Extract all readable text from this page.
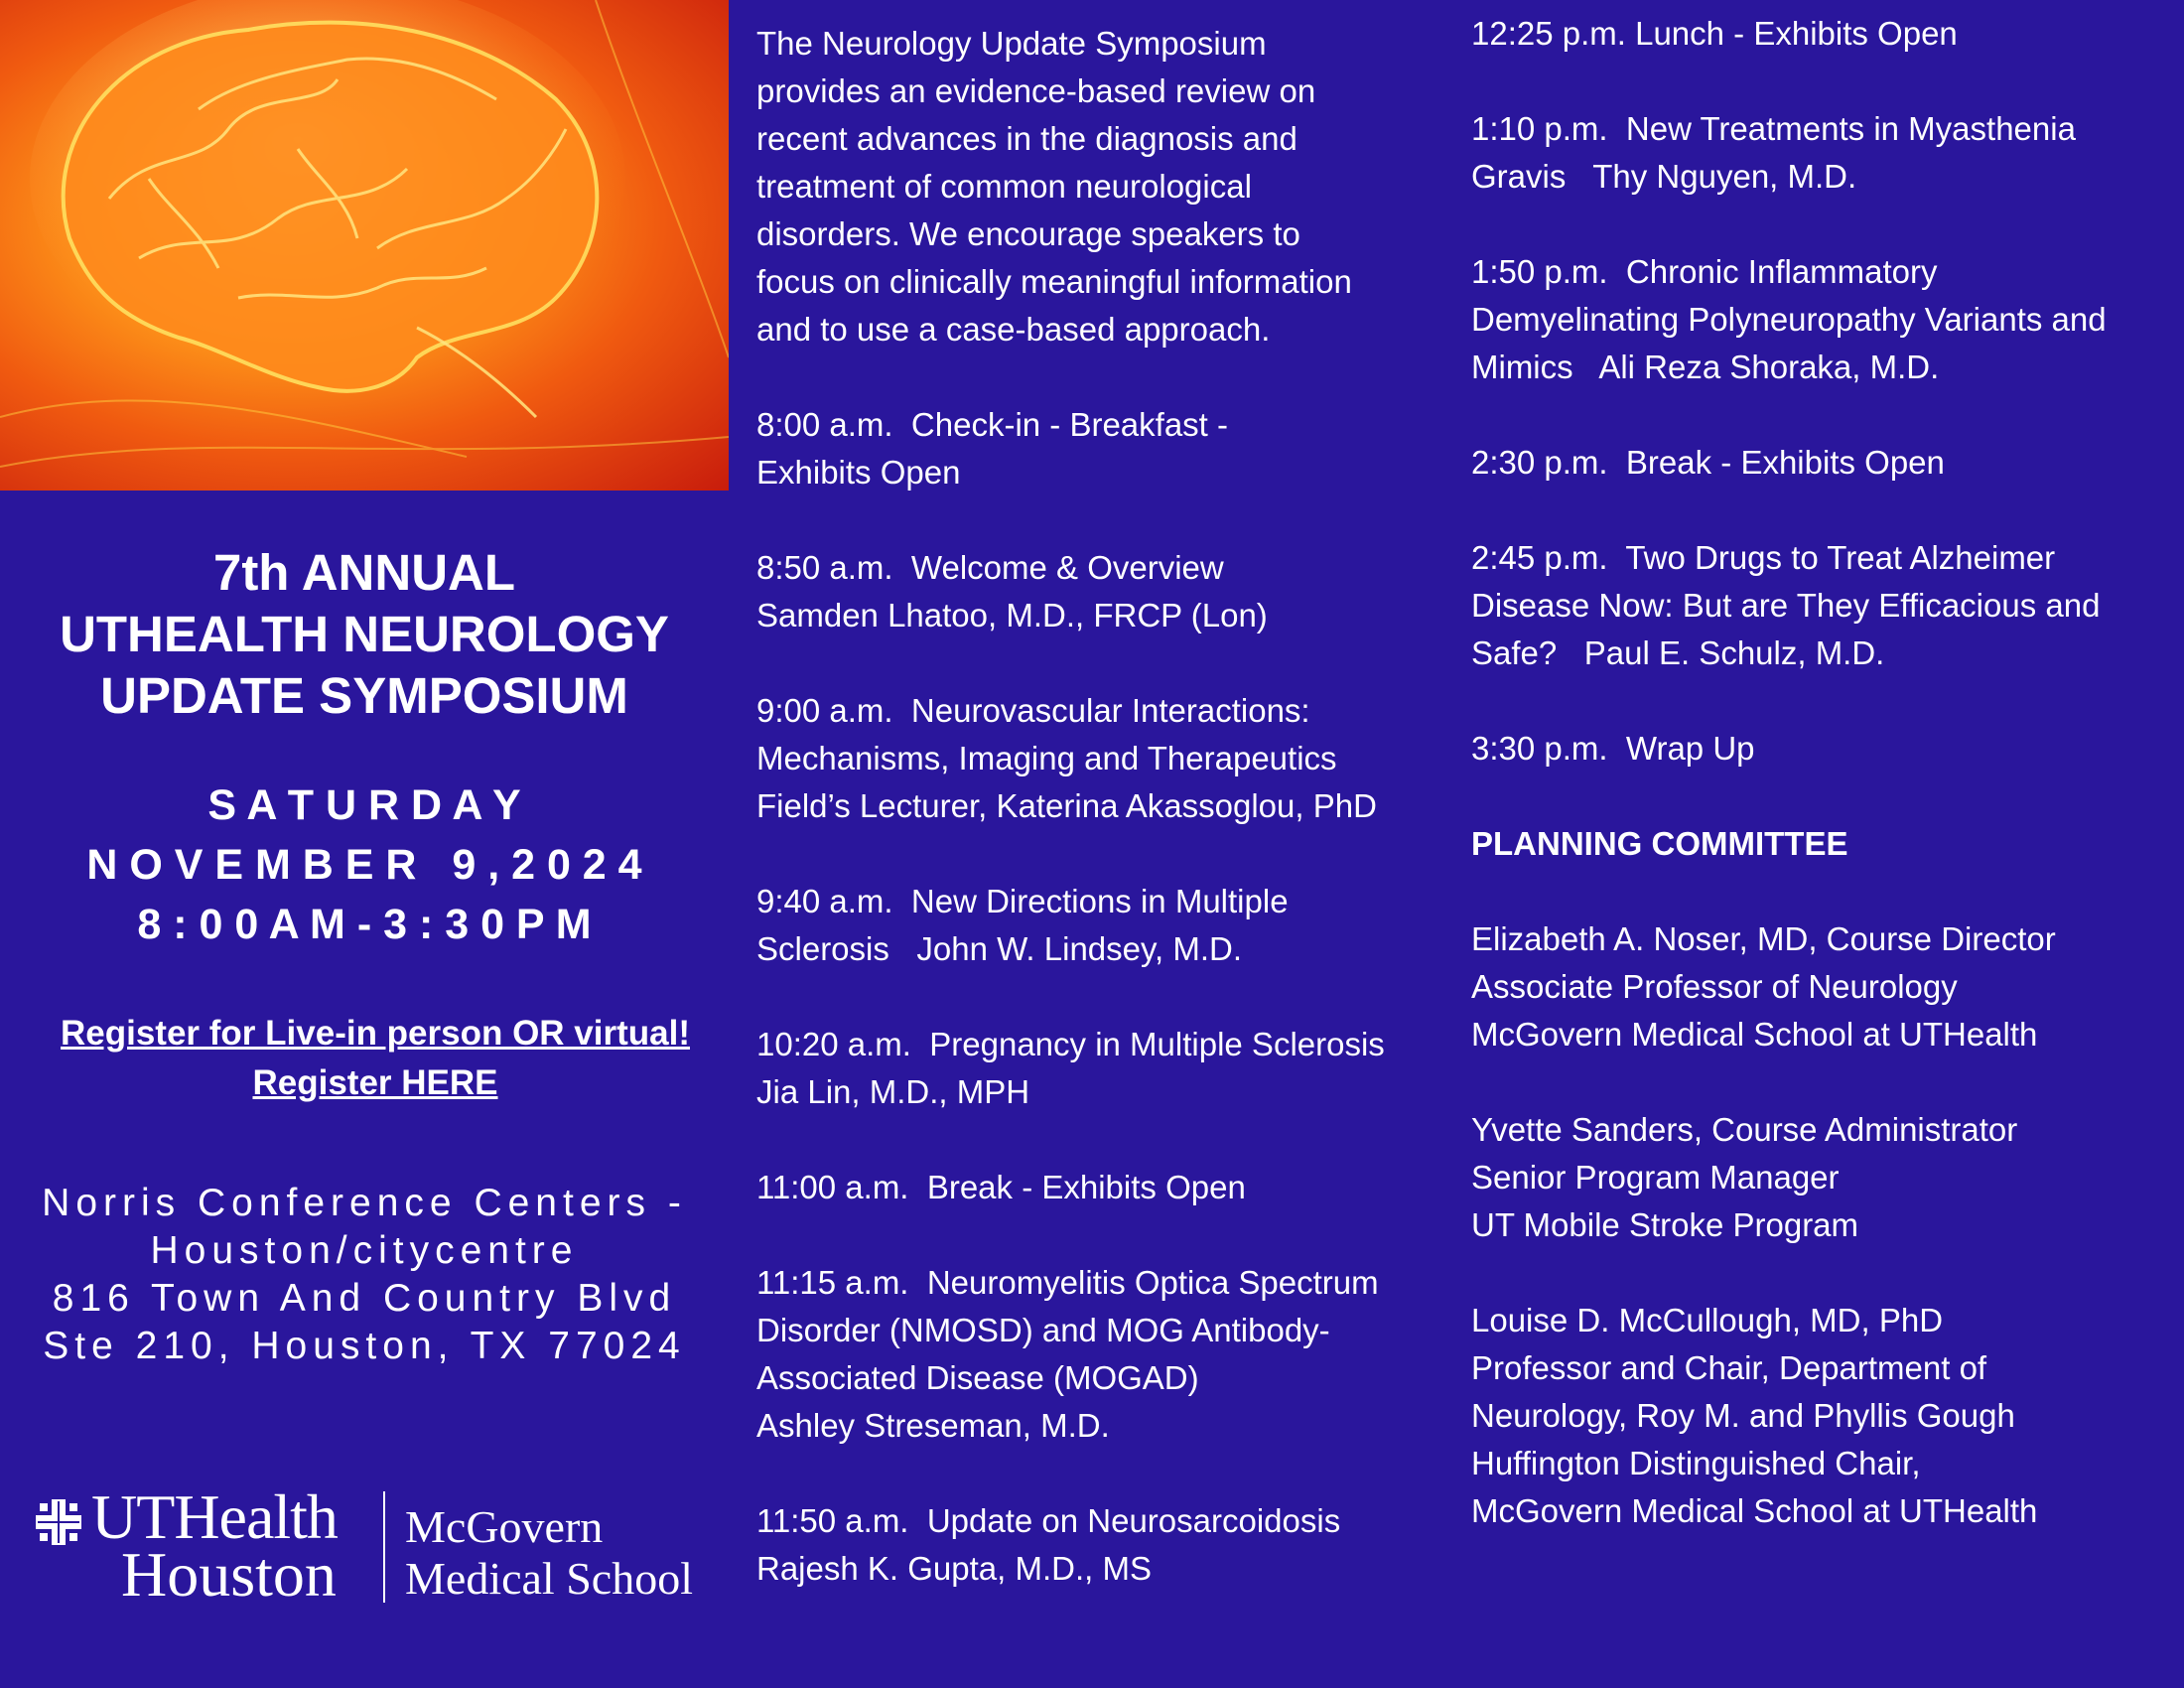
7th ANNUAL
UTHEALTH NEUROLOGY
UPDATE SYMPOSIUM
S A T U R D A Y
N O V E M B E R   9 , 2 0 2 4
8 : 0 0 A M - 3 : 3 0 P M
Register for Live-in person OR virtual!
Register HERE
Norris Conference Centers -
Houston/citycentre
816 Town And Country Blvd
Ste 210, Houston, TX 77024
UTHealth
Houston
McGovern
Medical School
The Neurology Update Symposium
provides an evidence-based review on
recent advances in the diagnosis and
treatment of common neurological
disorders. We encourage speakers to
focus on clinically meaningful information
and to use a case-based approach.
8:00 a.m.  Check-in - Breakfast -
Exhibits Open
8:50 a.m.  Welcome & Overview
Samden Lhatoo, M.D., FRCP (Lon)
9:00 a.m.  Neurovascular Interactions:
Mechanisms, Imaging and Therapeutics
Field’s Lecturer, Katerina Akassoglou, PhD
9:40 a.m.  New Directions in Multiple
Sclerosis   John W. Lindsey, M.D.
10:20 a.m.  Pregnancy in Multiple Sclerosis
Jia Lin, M.D., MPH
11:00 a.m.  Break - Exhibits Open
11:15 a.m.  Neuromyelitis Optica Spectrum
Disorder (NMOSD) and MOG Antibody-
Associated Disease (MOGAD)
Ashley Streseman, M.D.
11:50 a.m.  Update on Neurosarcoidosis
Rajesh K. Gupta, M.D., MS
12:25 p.m. Lunch - Exhibits Open
1:10 p.m.  New Treatments in Myasthenia
Gravis   Thy Nguyen, M.D.
1:50 p.m.  Chronic Inflammatory
Demyelinating Polyneuropathy Variants and
Mimics   Ali Reza Shoraka, M.D.
2:30 p.m.  Break - Exhibits Open
2:45 p.m.  Two Drugs to Treat Alzheimer
Disease Now: But are They Efficacious and
Safe?   Paul E. Schulz, M.D.
3:30 p.m.  Wrap Up
PLANNING COMMITTEE
Elizabeth A. Noser, MD, Course Director
Associate Professor of Neurology
McGovern Medical School at UTHealth
Yvette Sanders, Course Administrator
Senior Program Manager
UT Mobile Stroke Program
Louise D. McCullough, MD, PhD
Professor and Chair, Department of
Neurology, Roy M. and Phyllis Gough
Huffington Distinguished Chair,
McGovern Medical School at UTHealth
